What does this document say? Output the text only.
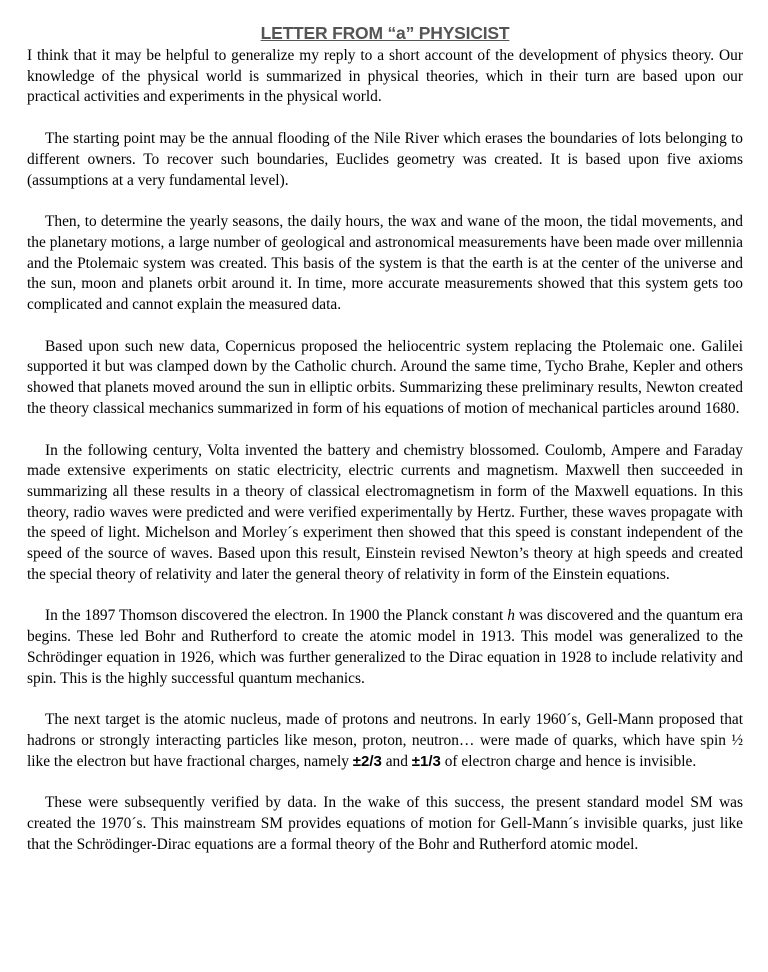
LETTER FROM “a” PHYSICIST

I think that it may be helpful to generalize my reply to a short account of the development of physics theory. Our knowledge of the physical world is summarized in physical theories, which in their turn are based upon our practical activities and experiments in the physical world.

The starting point may be the annual flooding of the Nile River which erases the boundaries of lots belonging to different owners. To recover such boundaries, Euclides geometry was created. It is based upon five axioms (assumptions at a very fundamental level).

Then, to determine the yearly seasons, the daily hours, the wax and wane of the moon, the tidal movements, and the planetary motions, a large number of geological and astronomical measurements have been made over millennia and the Ptolemaic system was created. This basis of the system is that the earth is at the center of the universe and the sun, moon and planets orbit around it. In time, more accurate measurements showed that this system gets too complicated and cannot explain the measured data.

Based upon such new data, Copernicus proposed the heliocentric system replacing the Ptolemaic one. Galilei supported it but was clamped down by the Catholic church. Around the same time, Tycho Brahe, Kepler and others showed that planets moved around the sun in elliptic orbits. Summarizing these preliminary results, Newton created the theory classical mechanics summarized in form of his equations of motion of mechanical particles around 1680.

In the following century, Volta invented the battery and chemistry blossomed. Coulomb, Ampere and Faraday made extensive experiments on static electricity, electric currents and magnetism. Maxwell then succeeded in summarizing all these results in a theory of classical electromagnetism in form of the Maxwell equations. In this theory, radio waves were predicted and were verified experimentally by Hertz. Further, these waves propagate with the speed of light. Michelson and Morley´s experiment then showed that this speed is constant independent of the speed of the source of waves. Based upon this result, Einstein revised Newton’s theory at high speeds and created the special theory of relativity and later the general theory of relativity in form of the Einstein equations.

In the 1897 Thomson discovered the electron. In 1900 the Planck constant h was discovered and the quantum era begins. These led Bohr and Rutherford to create the atomic model in 1913. This model was generalized to the Schrödinger equation in 1926, which was further generalized to the Dirac equation in 1928 to include relativity and spin. This is the highly successful quantum mechanics.

The next target is the atomic nucleus, made of protons and neutrons. In early 1960´s, Gell-Mann proposed that hadrons or strongly interacting particles like meson, proton, neutron… were made of quarks, which have spin ½ like the electron but have fractional charges, namely ±2/3 and ±1/3 of electron charge and hence is invisible.

These were subsequently verified by data. In the wake of this success, the present standard model SM was created the 1970´s. This mainstream SM provides equations of motion for Gell-Mann´s invisible quarks, just like that the Schrödinger-Dirac equations are a formal theory of the Bohr and Rutherford atomic model.
